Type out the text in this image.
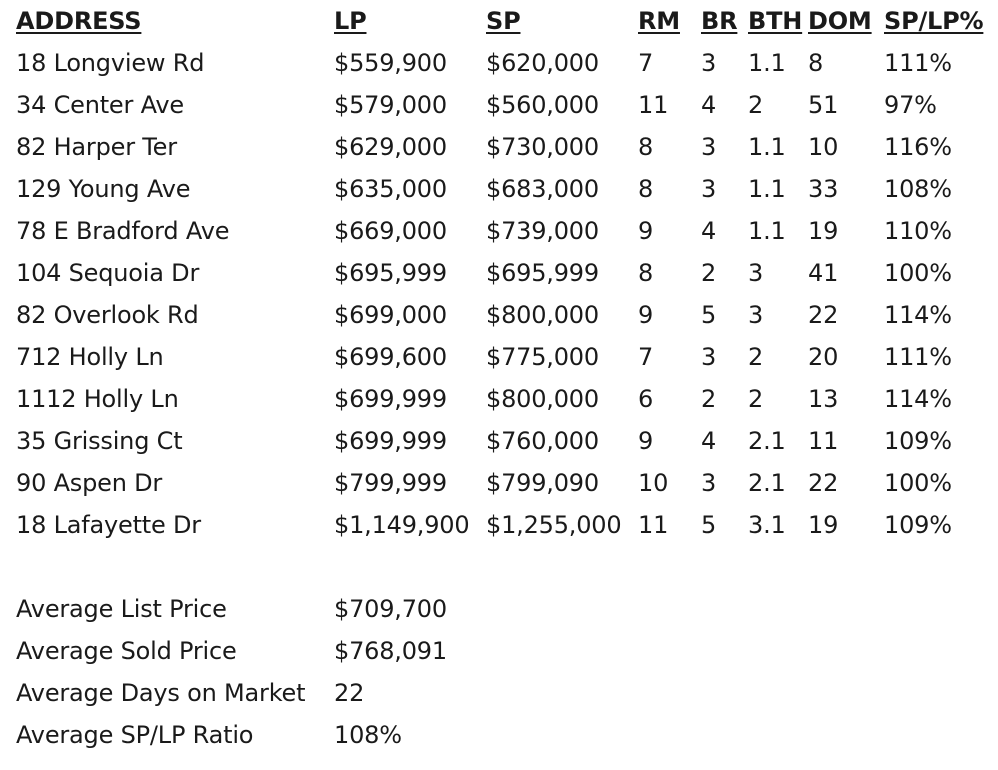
ADDRESS	LP	SP	RM	BR	BTH	DOM	SP/LP%
18 Longview Rd	$559,900	$620,000	7	3	1.1	8	111%
34 Center Ave	$579,000	$560,000	11	4	2	51	97%
82 Harper Ter	$629,000	$730,000	8	3	1.1	10	116%
129 Young Ave	$635,000	$683,000	8	3	1.1	33	108%
78 E Bradford Ave	$669,000	$739,000	9	4	1.1	19	110%
104 Sequoia Dr	$695,999	$695,999	8	2	3	41	100%
82 Overlook Rd	$699,000	$800,000	9	5	3	22	114%
712 Holly Ln	$699,600	$775,000	7	3	2	20	111%
1112 Holly Ln	$699,999	$800,000	6	2	2	13	114%
35 Grissing Ct	$699,999	$760,000	9	4	2.1	11	109%
90 Aspen Dr	$799,999	$799,090	10	3	2.1	22	100%
18 Lafayette Dr	$1,149,900	$1,255,000	11	5	3.1	19	109%
Average List Price	$709,700
Average Sold Price	$768,091
Average Days on Market	22
Average SP/LP Ratio	108%
